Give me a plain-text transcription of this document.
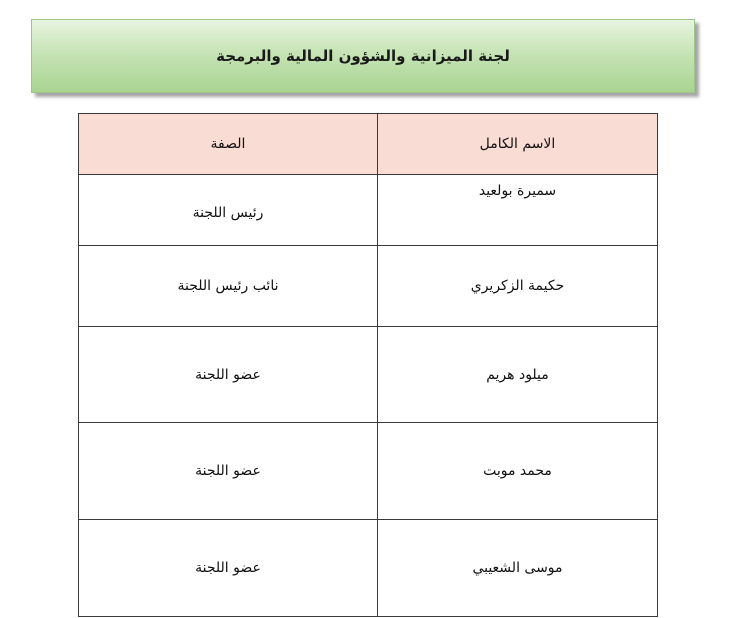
لجنة الميزانية والشؤون المالية والبرمجة
الاسم الكامل	الصفة
سميرة بولعيد	رئيس اللجنة
حكيمة الزكريري	نائب رئيس اللجنة
ميلود هريم	عضو اللجنة
محمد موبت	عضو اللجنة
موسى الشعيبي	عضو اللجنة
